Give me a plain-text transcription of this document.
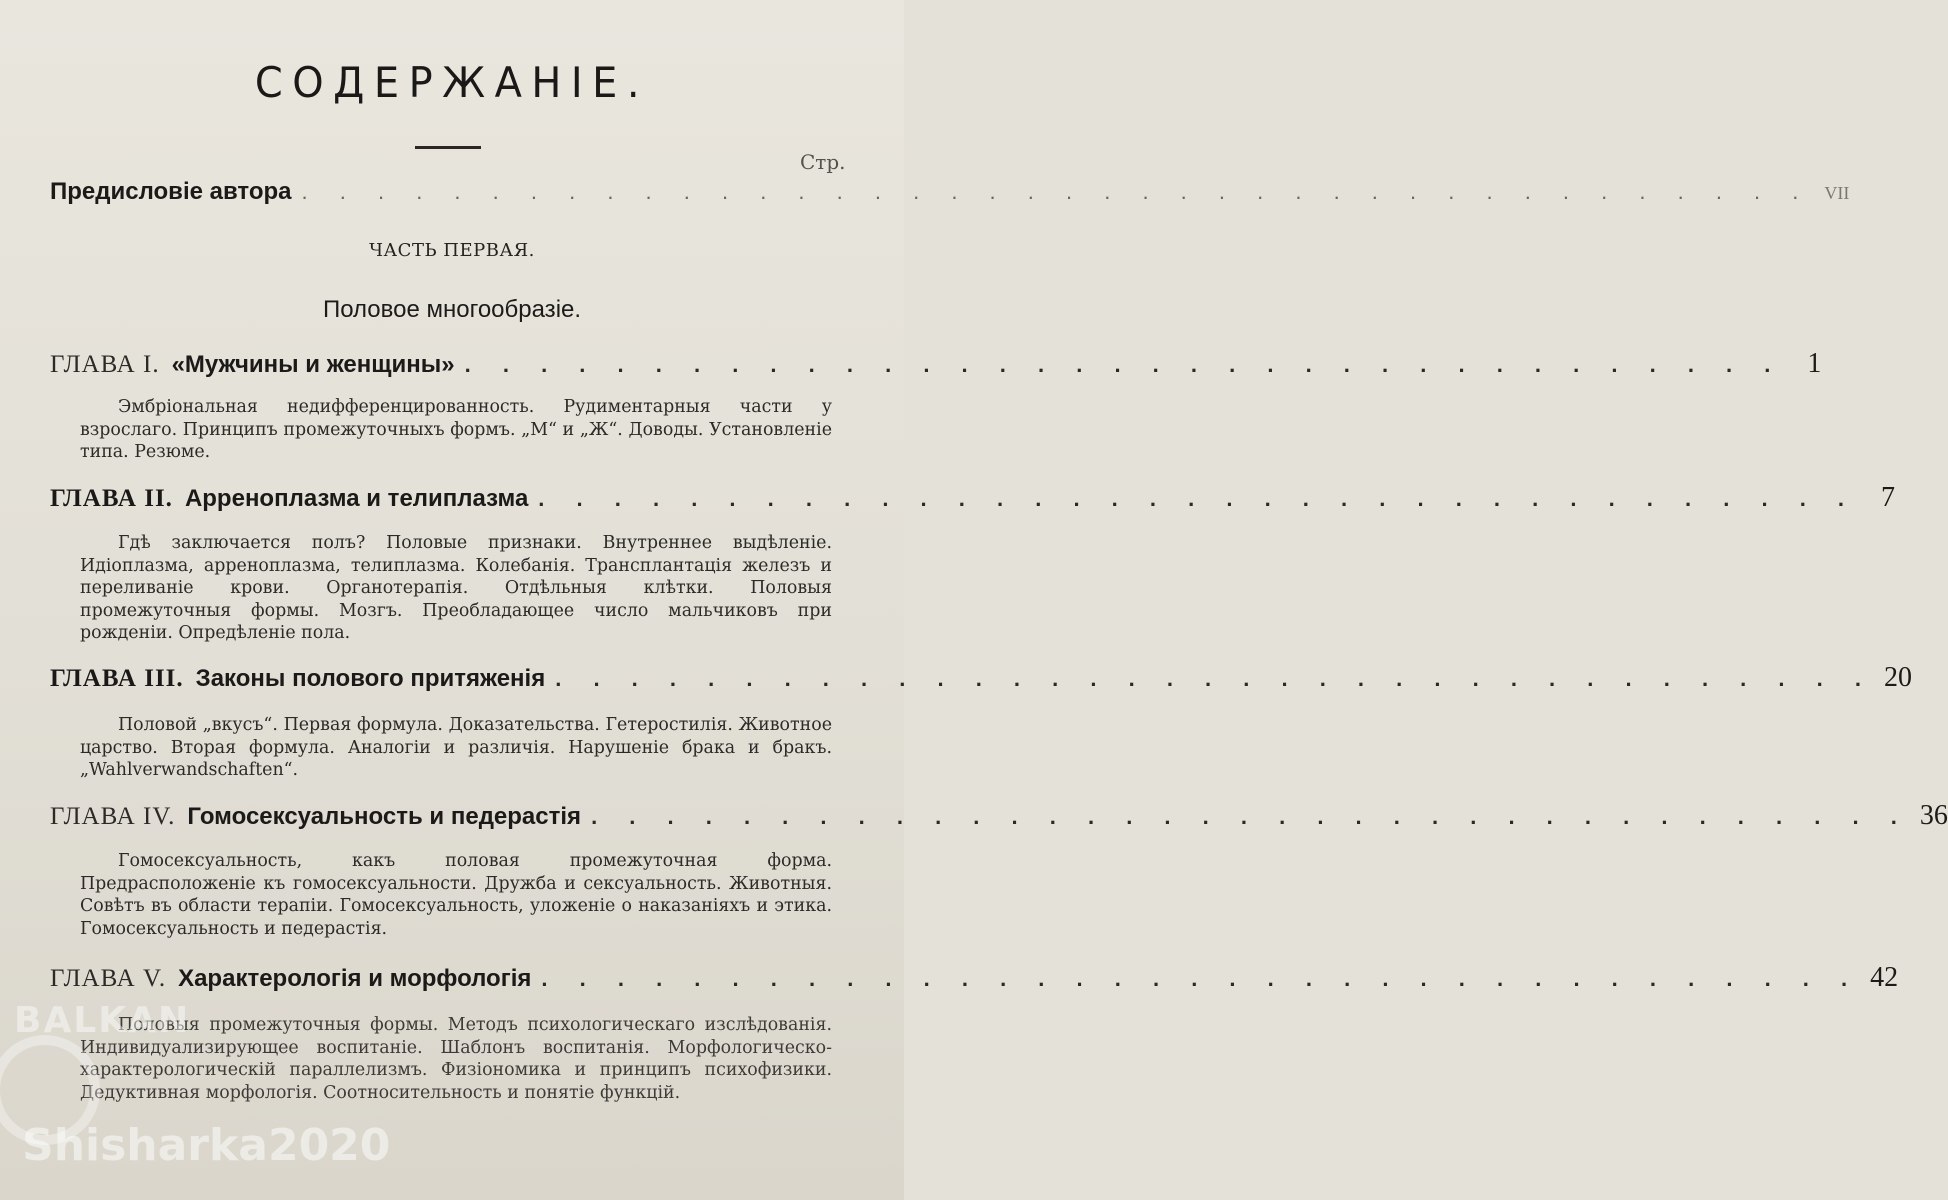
СОДЕРЖАНІЕ.
Стр.
Предисловіе автора . . . . . . . . . . . . . . . . . . . . . . . . . . . . . . . . . . . . . . . . VII
ЧАСТЬ ПЕРВАЯ.
Половое многообразіе.
ГЛАВА I. «Мужчины и женщины» . . . . . . . . . . . . . . . . . . . . . . . . . . . . . . . . . . . 1
Эмбріональная недифференцированность. Рудиментарныя части у взрослаго. Принципъ промежуточныхъ формъ. „М“ и „Ж“. Доводы. Установленіе типа. Резюме.
ГЛАВА II. Арреноплазма и телиплазма . . . . . . . . . . . . . . . . . . . . . . . . . . . . . . . . . . . 7
Гдѣ заключается полъ? Половые признаки. Внутреннее выдѣленіе. Идіоплазма, арреноплазма, телиплазма. Колебанія. Трансплантація железъ и переливаніе крови. Органотерапія. Отдѣльныя клѣтки. Половыя промежуточныя формы. Мозгъ. Преобладающее число мальчиковъ при рожденіи. Опредѣленіе пола.
ГЛАВА III. Законы полового притяженія . . . . . . . . . . . . . . . . . . . . . . . . . . . . . . . . . . . 20
Половой „вкусъ“. Первая формула. Доказательства. Гетеростилія. Животное царство. Вторая формула. Аналогіи и различія. Нарушеніе брака и бракъ. „Wahlverwandschaften“.
ГЛАВА IV. Гомосексуальность и педерастія . . . . . . . . . . . . . . . . . . . . . . . . . . . . . . . . . . . 36
Гомосексуальность, какъ половая промежуточная форма. Предрасположеніе къ гомосексуальности. Дружба и сексуальность. Животныя. Совѣтъ въ области терапіи. Гомосексуальность, уложеніе о наказаніяхъ и этика. Гомосексуальность и педерастія.
ГЛАВА V. Характерологія и морфологія . . . . . . . . . . . . . . . . . . . . . . . . . . . . . . . . . . . 42
Половыя промежуточныя формы. Методъ психологическаго изслѣдованія. Индивидуализирующее воспитаніе. Шаблонъ воспитанія. Морфологическо-характерологическій параллелизмъ. Физіономика и принципъ психофизики. Дедуктивная морфологія. Соотносительность и понятіе функцій.
BALKAN
Shisharka2020
